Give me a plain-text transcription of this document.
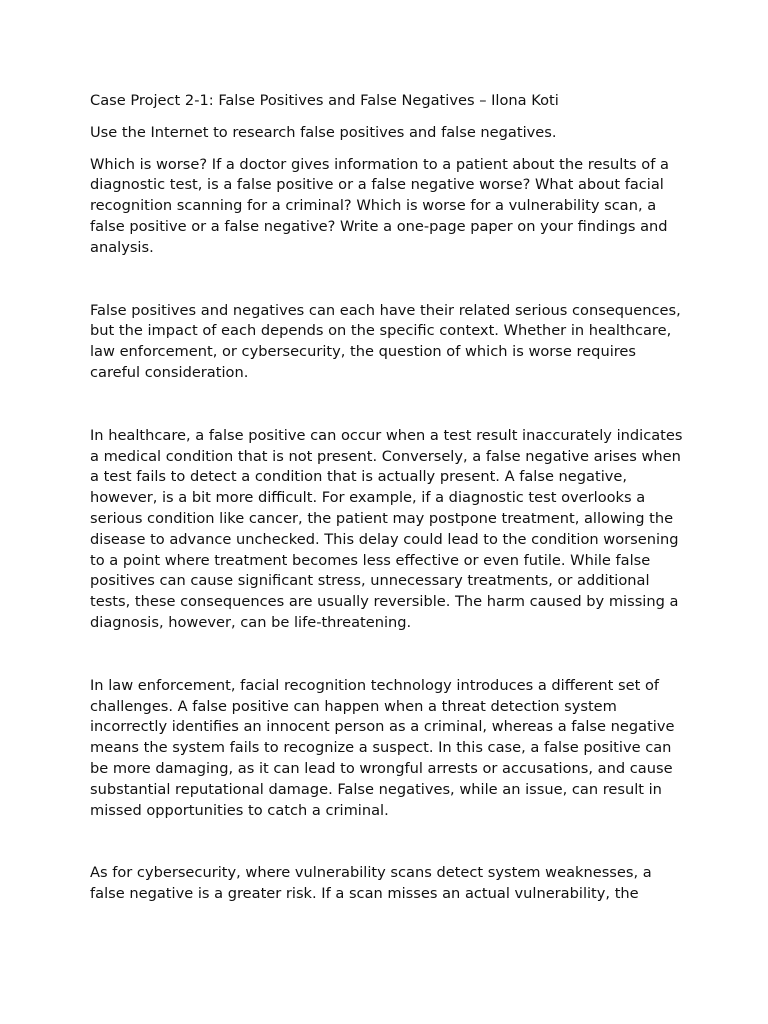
Case Project 2-1: False Positives and False Negatives – Ilona Koti

Use the Internet to research false positives and false negatives.

Which is worse? If a doctor gives information to a patient about the results of a diagnostic test, is a false positive or a false negative worse? What about facial recognition scanning for a criminal? Which is worse for a vulnerability scan, a false positive or a false negative? Write a one-page paper on your findings and analysis.

False positives and negatives can each have their related serious consequences, but the impact of each depends on the specific context. Whether in healthcare, law enforcement, or cybersecurity, the question of which is worse requires careful consideration.

In healthcare, a false positive can occur when a test result inaccurately indicates a medical condition that is not present. Conversely, a false negative arises when a test fails to detect a condition that is actually present. A false negative, however, is a bit more difficult. For example, if a diagnostic test overlooks a serious condition like cancer, the patient may postpone treatment, allowing the disease to advance unchecked. This delay could lead to the condition worsening to a point where treatment becomes less effective or even futile. While false positives can cause significant stress, unnecessary treatments, or additional tests, these consequences are usually reversible. The harm caused by missing a diagnosis, however, can be life-threatening.

In law enforcement, facial recognition technology introduces a different set of challenges. A false positive can happen when a threat detection system incorrectly identifies an innocent person as a criminal, whereas a false negative means the system fails to recognize a suspect. In this case, a false positive can be more damaging, as it can lead to wrongful arrests or accusations, and cause substantial reputational damage. False negatives, while an issue, can result in missed opportunities to catch a criminal.

As for cybersecurity, where vulnerability scans detect system weaknesses, a false negative is a greater risk. If a scan misses an actual vulnerability, the
